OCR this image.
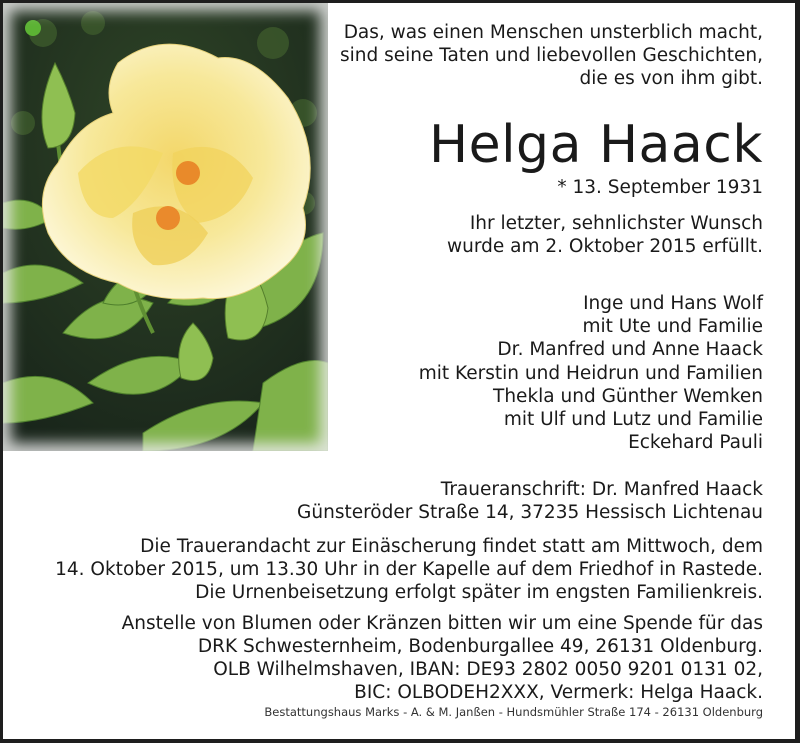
Das, was einen Menschen unsterblich macht,
sind seine Taten und liebevollen Geschichten,
die es von ihm gibt.
Helga Haack
* 13. September 1931
Ihr letzter, sehnlichster Wunsch
wurde am 2. Oktober 2015 erfüllt.
Inge und Hans Wolf
mit Ute und Familie
Dr. Manfred und Anne Haack
mit Kerstin und Heidrun und Familien
Thekla und Günther Wemken
mit Ulf und Lutz und Familie
Eckehard Pauli
Traueranschrift: Dr. Manfred Haack
Günsteröder Straße 14, 37235 Hessisch Lichtenau
Die Trauerandacht zur Einäscherung findet statt am Mittwoch, dem
14. Oktober 2015, um 13.30 Uhr in der Kapelle auf dem Friedhof in Rastede.
Die Urnenbeisetzung erfolgt später im engsten Familienkreis.
Anstelle von Blumen oder Kränzen bitten wir um eine Spende für das
DRK Schwesternheim, Bodenburgallee 49, 26131 Oldenburg.
OLB Wilhelmshaven, IBAN: DE93 2802 0050 9201 0131 02,
BIC: OLBODEH2XXX, Vermerk: Helga Haack.
Bestattungshaus Marks - A. & M. Janßen - Hundsmühler Straße 174 - 26131 Oldenburg
